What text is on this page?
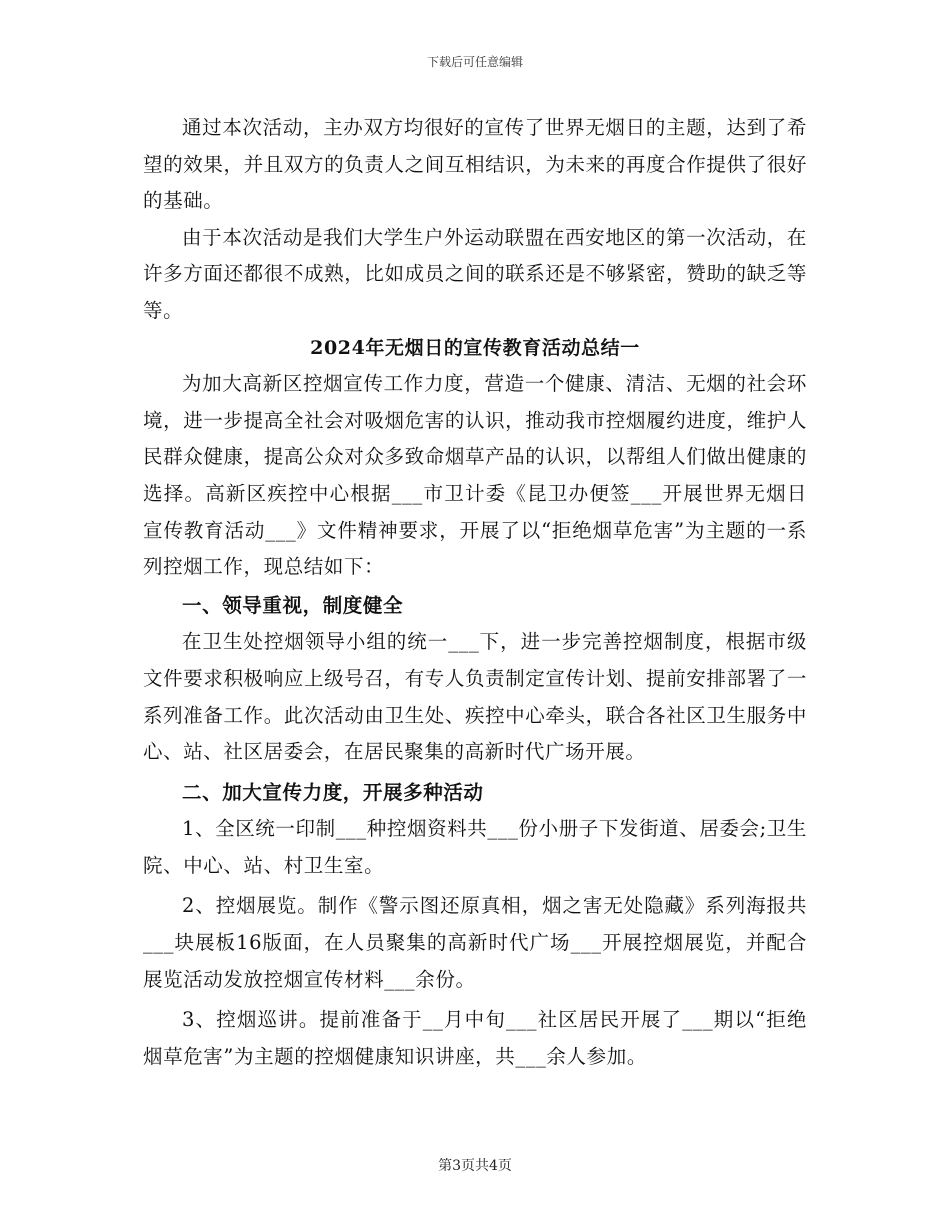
下载后可任意编辑

通过本次活动，主办双方均很好的宣传了世界无烟日的主题，达到了希望的效果，并且双方的负责人之间互相结识，为未来的再度合作提供了很好的基础。

由于本次活动是我们大学生户外运动联盟在西安地区的第一次活动，在许多方面还都很不成熟，比如成员之间的联系还是不够紧密，赞助的缺乏等等。

2024年无烟日的宣传教育活动总结一

为加大高新区控烟宣传工作力度，营造一个健康、清洁、无烟的社会环境，进一步提高全社会对吸烟危害的认识，推动我市控烟履约进度，维护人民群众健康，提高公众对众多致命烟草产品的认识，以帮组人们做出健康的选择。高新区疾控中心根据___市卫计委《昆卫办便签___开展世界无烟日宣传教育活动___》文件精神要求，开展了以“拒绝烟草危害”为主题的一系列控烟工作，现总结如下：

一、领导重视，制度健全

在卫生处控烟领导小组的统一___下，进一步完善控烟制度，根据市级文件要求积极响应上级号召，有专人负责制定宣传计划、提前安排部署了一系列准备工作。此次活动由卫生处、疾控中心牵头，联合各社区卫生服务中心、站、社区居委会，在居民聚集的高新时代广场开展。

二、加大宣传力度，开展多种活动

1、全区统一印制___种控烟资料共___份小册子下发街道、居委会;卫生院、中心、站、村卫生室。

2、控烟展览。制作《警示图还原真相，烟之害无处隐藏》系列海报共___块展板16版面，在人员聚集的高新时代广场___开展控烟展览，并配合展览活动发放控烟宣传材料___余份。

3、控烟巡讲。提前准备于__月中旬___社区居民开展了___期以“拒绝烟草危害”为主题的控烟健康知识讲座，共___余人参加。

第3页共4页
